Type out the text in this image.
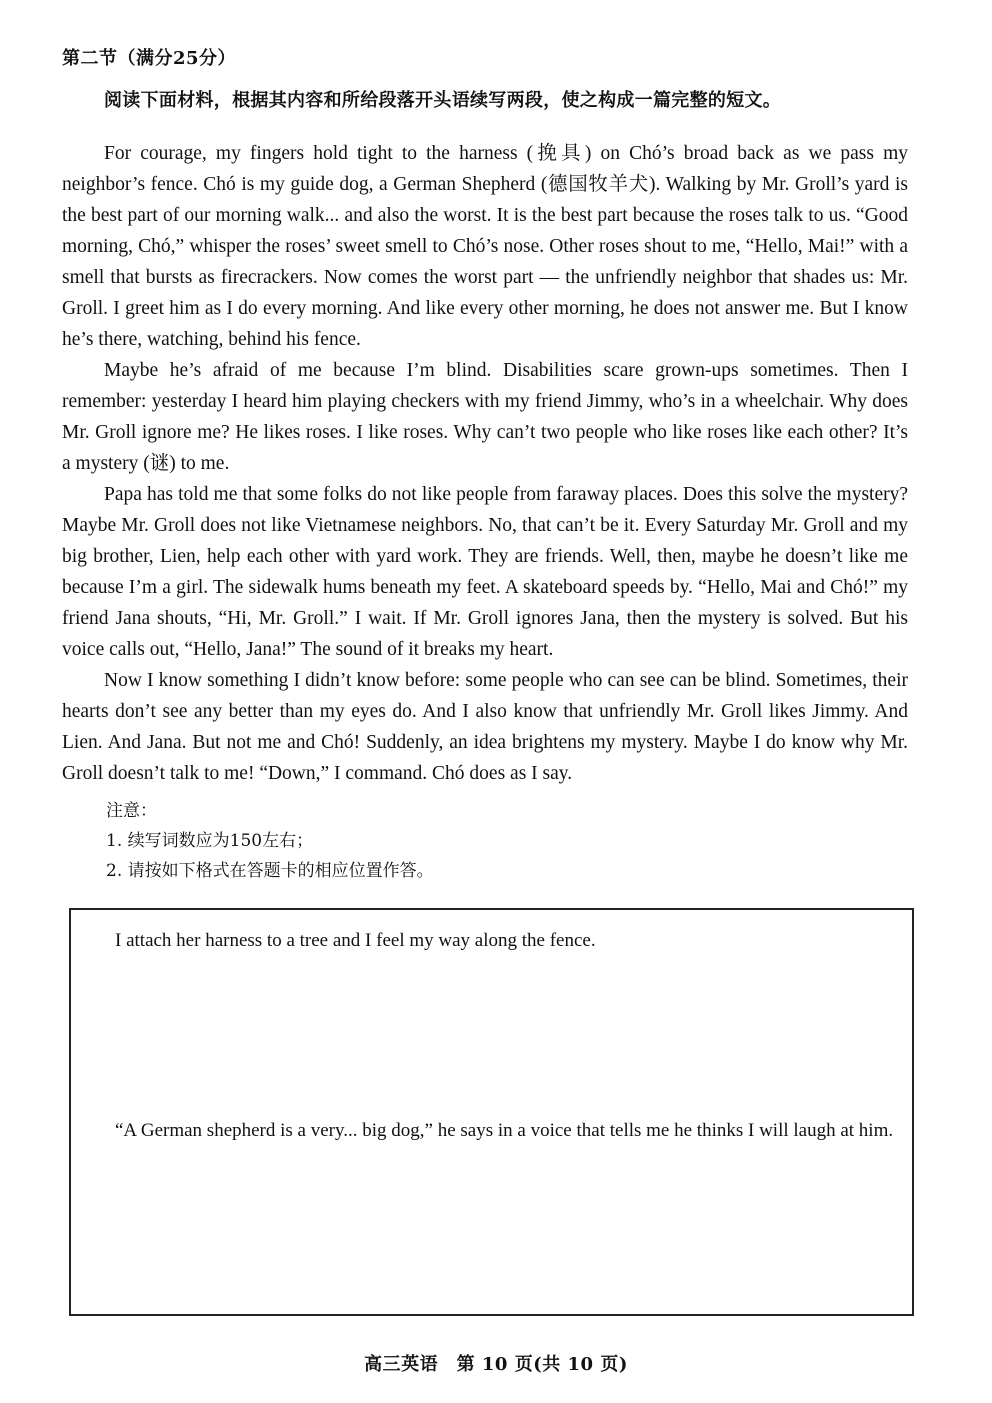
第二节（满分25分）
阅读下面材料，根据其内容和所给段落开头语续写两段，使之构成一篇完整的短文。

For courage, my fingers hold tight to the harness (挽具) on Chó’s broad back as we pass my neighbor’s fence. Chó is my guide dog, a German Shepherd (德国牧羊犬). Walking by Mr. Groll’s yard is the best part of our morning walk... and also the worst. It is the best part because the roses talk to us. “Good morning, Chó,” whisper the roses’ sweet smell to Chó’s nose. Other roses shout to me, “Hello, Mai!” with a smell that bursts as firecrackers. Now comes the worst part — the unfriendly neighbor that shades us: Mr. Groll. I greet him as I do every morning. And like every other morning, he does not answer me. But I know he’s there, watching, behind his fence.

Maybe he’s afraid of me because I’m blind. Disabilities scare grown-ups sometimes. Then I remember: yesterday I heard him playing checkers with my friend Jimmy, who’s in a wheelchair. Why does Mr. Groll ignore me? He likes roses. I like roses. Why can’t two people who like roses like each other? It’s a mystery (谜) to me.

Papa has told me that some folks do not like people from faraway places. Does this solve the mystery? Maybe Mr. Groll does not like Vietnamese neighbors. No, that can’t be it. Every Saturday Mr. Groll and my big brother, Lien, help each other with yard work. They are friends. Well, then, maybe he doesn’t like me because I’m a girl. The sidewalk hums beneath my feet. A skateboard speeds by. “Hello, Mai and Chó!” my friend Jana shouts, “Hi, Mr. Groll.” I wait. If Mr. Groll ignores Jana, then the mystery is solved. But his voice calls out, “Hello, Jana!” The sound of it breaks my heart.

Now I know something I didn’t know before: some people who can see can be blind. Sometimes, their hearts don’t see any better than my eyes do. And I also know that unfriendly Mr. Groll likes Jimmy. And Lien. And Jana. But not me and Chó! Suddenly, an idea brightens my mystery. Maybe I do know why Mr. Groll doesn’t talk to me! “Down,” I command. Chó does as I say.

注意：
1. 续写词数应为150左右；
2. 请按如下格式在答题卡的相应位置作答。
I attach her harness to a tree and I feel my way along the fence.
“A German shepherd is a very... big dog,” he says in a voice that tells me he thinks I will laugh at him.
高三英语　第 10 页(共 10 页)
